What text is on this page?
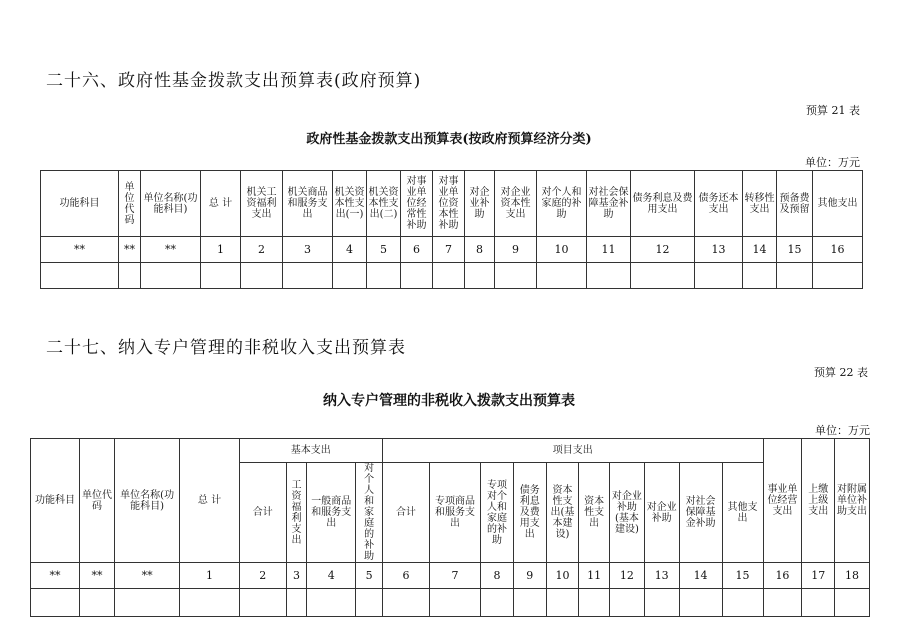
二十六、政府性基金拨款支出预算表(政府预算)
预算 21 表
政府性基金拨款支出预算表(按政府预算经济分类)
单位：万元
功能科目	单位代码	单位名称(功能科目)	总 计	机关工资福利支出	机关商品和服务支出	机关资本性支出(一)	机关资本性支出(二)	对事业单位经常性补助	对事业单位资本性补助	对企业补助	对企业资本性支出	对个人和家庭的补助	对社会保障基金补助	债务利息及费用支出	债务还本支出	转移性支出	预备费及预留	其他支出
**	**	**	1	2	3	4	5	6	7	8	9	10	11	12	13	14	15	16

二十七、纳入专户管理的非税收入支出预算表
预算 22 表
纳入专户管理的非税收入拨款支出预算表
单位：万元
功能科目	单位代码	单位名称(功能科目)	总 计	基本支出				项目支出										事业单位经营支出	上缴上级支出	对附属单位补助支出
				合计	工资福利支出	一般商品和服务支出	对个人和家庭的补助	合计	专项商品和服务支出	专项对个人和家庭的补助	债务利息及费用支出	资本性支出(基本建设)	资本性支出	对企业补助(基本建设)	对企业补助	对社会保障基金补助	其他支出			
**	**	**	1	2	3	4	5	6	7	8	9	10	11	12	13	14	15	16	17	18
